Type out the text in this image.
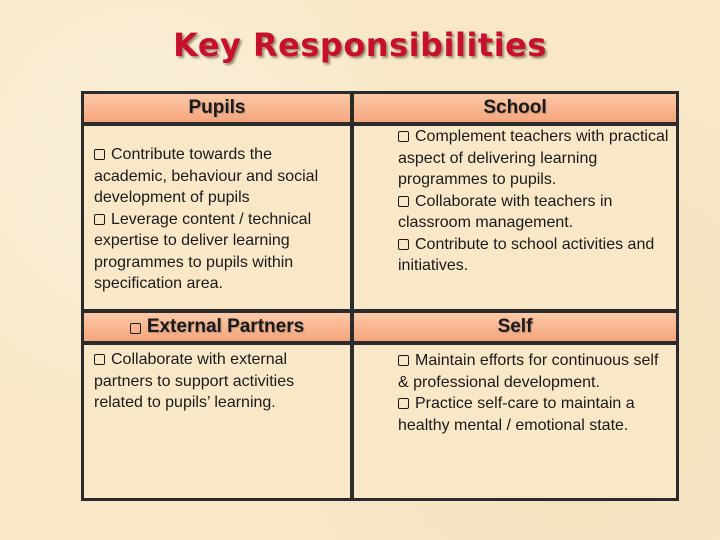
Key Responsibilities
Pupils	School
Contribute towards the academic, behaviour and social development of pupils
Leverage content / technical expertise to deliver learning programmes to pupils within specification area.
Complement teachers with practical aspect of delivering learning programmes to pupils.
Collaborate with teachers in classroom management.
Contribute to school activities and initiatives.
External Partners	Self
Collaborate with external partners to support activities related to pupils’ learning.
Maintain efforts for continuous self & professional development.
Practice self-care to maintain a healthy mental / emotional state.
